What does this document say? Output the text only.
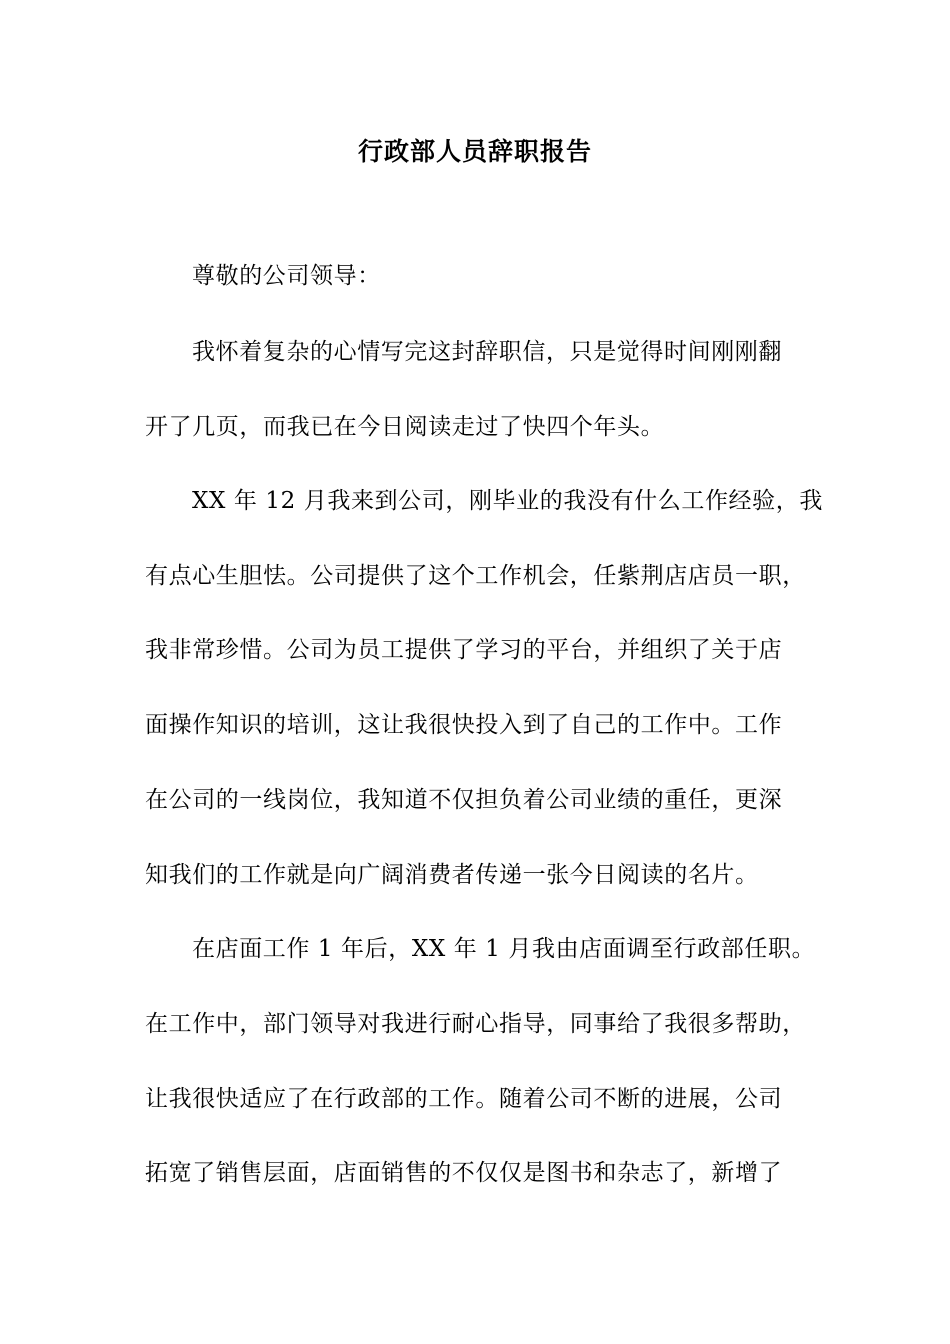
行政部人员辞职报告
尊敬的公司领导：
我怀着复杂的心情写完这封辞职信，只是觉得时间刚刚翻
开了几页，而我已在今日阅读走过了快四个年头。
XX 年 12 月我来到公司，刚毕业的我没有什么工作经验，我
有点心生胆怯。公司提供了这个工作机会，任紫荆店店员一职，
我非常珍惜。公司为员工提供了学习的平台，并组织了关于店
面操作知识的培训，这让我很快投入到了自己的工作中。工作
在公司的一线岗位，我知道不仅担负着公司业绩的重任，更深
知我们的工作就是向广阔消费者传递一张今日阅读的名片。
在店面工作 1 年后，XX 年 1 月我由店面调至行政部任职。
在工作中，部门领导对我进行耐心指导，同事给了我很多帮助，
让我很快适应了在行政部的工作。随着公司不断的进展，公司
拓宽了销售层面，店面销售的不仅仅是图书和杂志了，新增了
